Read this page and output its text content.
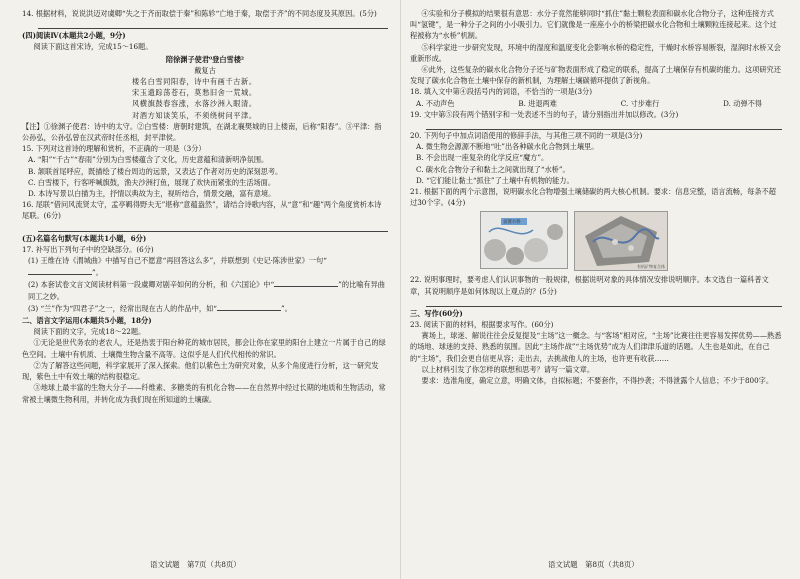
14. 根据材料，说说洪迈对虞卿“失之于齐而取偿于秦”和陈轸“亡地于秦，取偿于齐”的不同态度及其原因。(5分)

(四)阅读Ⅳ(本题共2小题，9分)

阅读下面这首宋诗，完成15～16题。

陪徐渊子使君⁰登白雪楼²

戴复古

楼名白雪同阳春，诗中有画千古新。

宋玉遗踪荡苍石，莫愁旧舍一荒城。

风横旗鼓春容涨，水落沙洲入眼清。

对酒方知谈笑乐，不须绕树问平津。

【注】①徐渊子使君：诗中的太守。②白雪楼：唐朝时建筑，在湖北襄樊城的日上楼南，后称“阳春”。③平津：指公孙弘，公孙弘曾在汉武帝时任丞相，封平津侯。

15. 下列对这首诗的理解和赏析，不正确的一项是（3分）

A. “阳”“千古”“春雨”分别为白雪楼蕴含了文化，历史意蕴和清新明净氛围。

B. 颔联首尾呼应，既描绘了楼台周边的远景，又表达了作者对历史的深刻思考。

C. 白雪楼下，行客呼喊旗鼓，渔夫沙洲打鱼，展现了欢快而紧张的生活场面。

D. 本诗写景以白描为主，抒情以典故为主，视听结合，情景交融，富有意境。

16. 尾联“借问风流贤太守，孟亭羁得野夫无”堪称“意蕴盎然”，请结合诗歌内容，从“意”和“趣”两个角度赏析本诗尾联。(6分)

(五)名篇名句默写(本题共1小题，6分)

17. 补写出下列句子中的空缺部分。(6分)

(1) 王维在诗《渭城曲》中描写自己不愿意“再回答这么多”，并联想到《史记·陈涉世家》一句“”。

(2) 本套试卷文言文阅读材料第一段虞卿对剧辛如何的分析，和《六国论》中“	”的比喻有异曲同工之妙。

(3) “兰”作为“四君子”之一，经常出现在古人的作品中，如“	”。

二、语言文字运用(本题共5小题，18分)

阅读下面的文字，完成18～22题。

①无论是世代务农的老农人，还是热衷于阳台种花的城市居民，都会让你在家里的阳台上建立一片属于自己的绿色空间。土壤中有机质、土壤微生物含量不高等。这似乎是人们代代相传的常识。

②为了解答这些问题，科学家展开了深入探索。他们以紫色土为研究对象，从多个角度进行分析，这一研究发现，紫色土中有效土壤的结构很稳定。

③地球上最丰富的生物大分子——纤维素、多糖类的有机化合物——在自然界中经过长期的地质和生物活动，常常被土壤微生物利用，并转化成为我们现在所知道的土壤碳。

语文试题　第7页（共8页）

④实验和分子模拟的结果很有意思：水分子竟然能够同时“抓住”黏土颗粒表面和碳水化合物分子，这种连接方式叫“氢键”，是一种分子之间的小小吸引力。它们就像是一座座小小的桥梁把碳水化合物和土壤颗粒连接起来。这个过程被称为“水桥”机制。

⑤科学家进一步研究发现，环境中的湿度和温度变化会影响水桥的稳定性，干燥时水桥容易断裂，湿润时水桥又会重新形成。

⑥此外，这些复杂的碳水化合物分子还与矿物表面形成了稳定的联系，提高了土壤保存有机碳的能力。这项研究还发现了碳水化合物在土壤中保存的新机制，为理解土壤碳循环提供了新视角。

18. 填入文中第④段括号内的词语，不恰当的一项是(3分)

A. 不动声色	B. 进退两难	C. 寸步难行	D. 动弹不得

19. 文中第⑤段有两个错别字和一处表述不当的句子，请分别指出并加以修改。(3分)

20. 下列句子中加点词语使用的修辞手法，与其他三项不同的一项是(3分)

A. 微生物会源源不断地“吐”出各种碳水化合物到土壤里。

B. 不会出现一座复杂的化学反应“魔方”。

C. 碳水化合物分子和黏土之间就出现了“水桥”。

D. “它们能让黏土“抓住”了土壤中有机物的能力。

21. 根据下面的两个示意图，说明碳水化合物增强土壤储碳的两大核心机制。要求：信息完整，语言流畅，每条不超过30个字。(4分)

氢键水桥
有机矿物复合体

22. 说明事理时，要考虑人们认识事物的一般规律，根据说明对象的具体情况安排说明顺序。本文选自一篇科普文章，其说明顺序是如何体现以上观点的？(5分)

三、写作(60分)

23. 阅读下面的材料，根据要求写作。(60分)

赛场上，球迷、解说往往会反复提及“主场”这一概念。与“客场”相对应，“主场”比赛往往更容易发挥优势——熟悉的场地、球迷的支持、熟悉的氛围。因此“主场作战”“主场优势”成为人们津津乐道的话题。人生也是如此，在自己的“主场”，我们会更自信更从容；走出去，去挑战他人的主场，也许更有收获……

以上材料引发了你怎样的联想和思考？请写一篇文章。

要求：选准角度，确定立意，明确文体，自拟标题；不要套作，不得抄袭；不得泄露个人信息；不少于800字。

语文试题　第8页（共8页）
